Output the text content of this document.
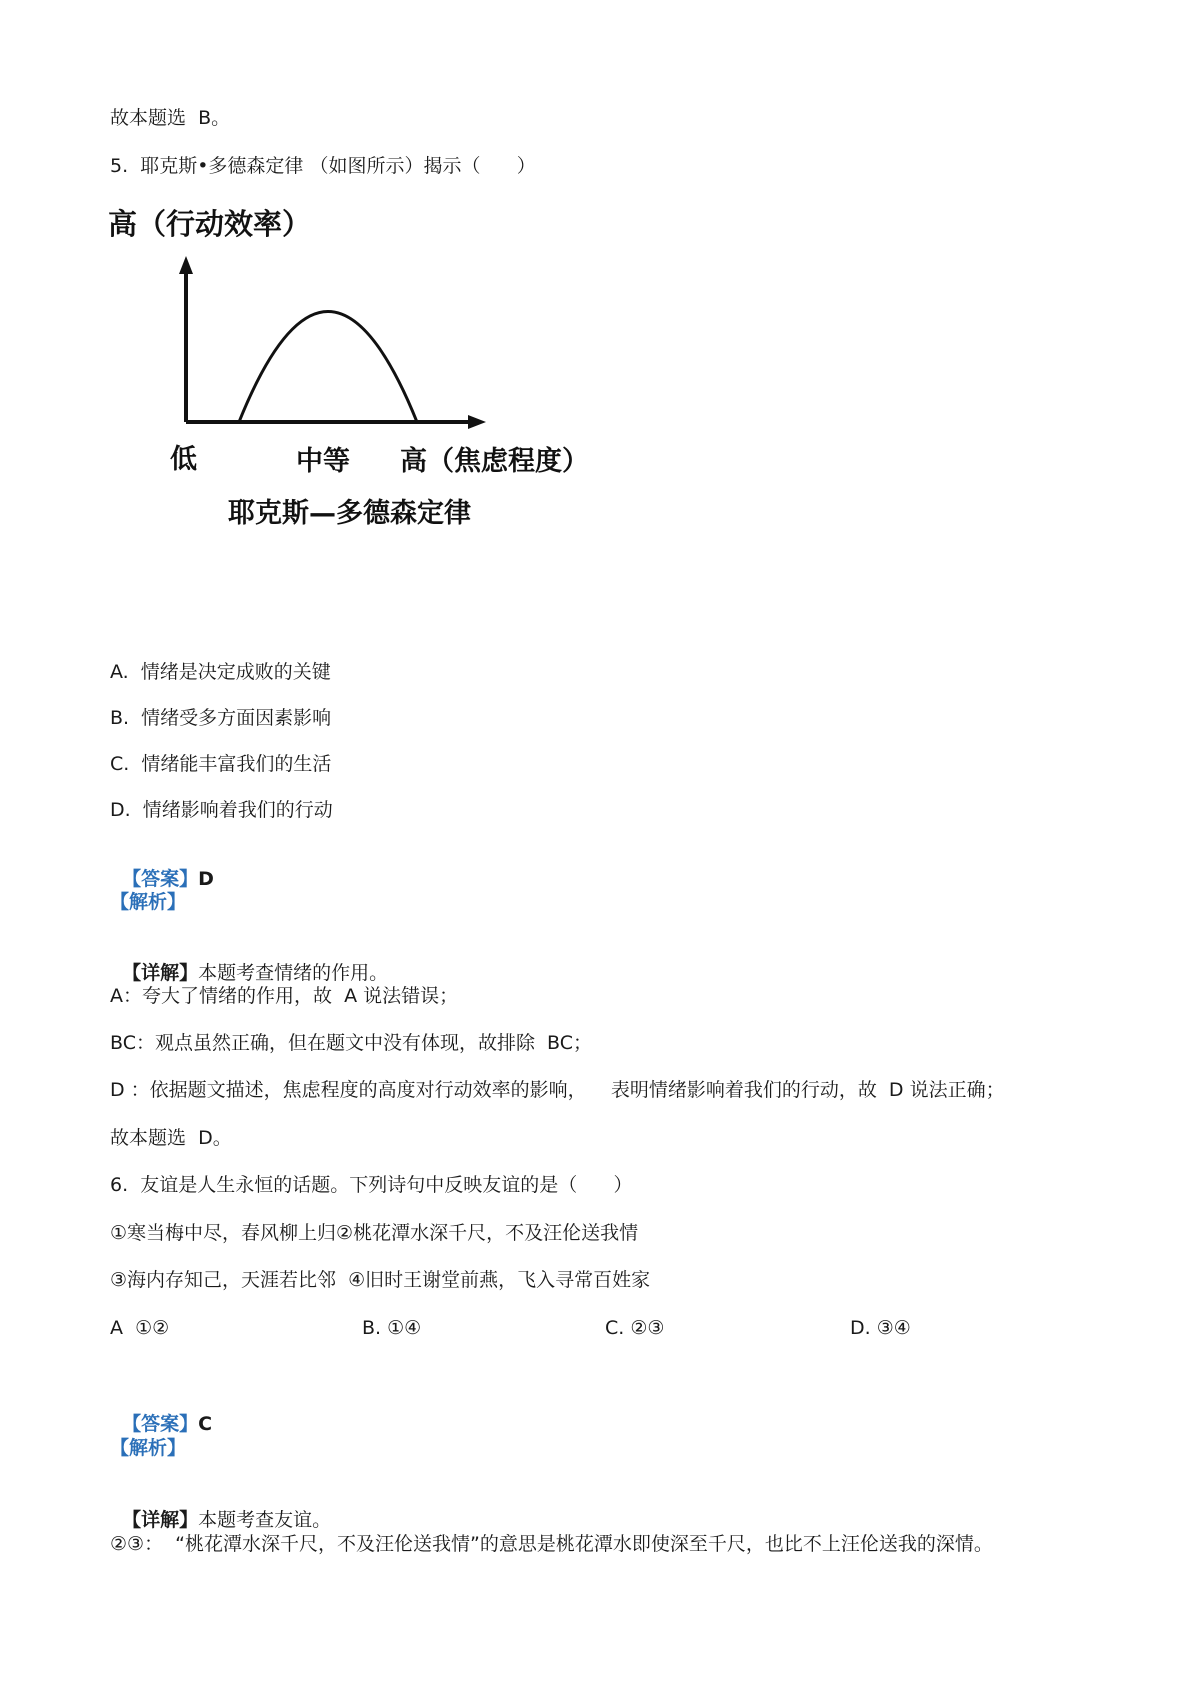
故本题选  B。
5.  耶克斯•多德森定律 （如图所示）揭示（      ）
高（行动效率）
低	中等 高（焦虑程度）
耶克斯—多德森定律
A.  情绪是决定成败的关键
B.  情绪受多方面因素影响
C.  情绪能丰富我们的生活
D.  情绪影响着我们的行动

【答案】D

【解析】

【详解】本题考查情绪的作用。

A：夸大了情绪的作用，故  A 说法错误；
BC：观点虽然正确，但在题文中没有体现，故排除  BC；
D ：依据题文描述，焦虑程度的高度对行动效率的影响，    表明情绪影响着我们的行动，故  D 说法正确；
故本题选  D。
6.  友谊是人生永恒的话题。下列诗句中反映友谊的是（      ）
①寒当梅中尽，春风柳上归②桃花潭水深千尺，不及汪伦送我情
③海内存知己，天涯若比邻  ④旧时王谢堂前燕，飞入寻常百姓家
A  ①②	B. ①④	C. ②③	D. ③④

【答案】C

【解析】

【详解】本题考查友谊。

②③：  “桃花潭水深千尺，不及汪伦送我情”的意思是桃花潭水即使深至千尺，也比不上汪伦送我的深情。
